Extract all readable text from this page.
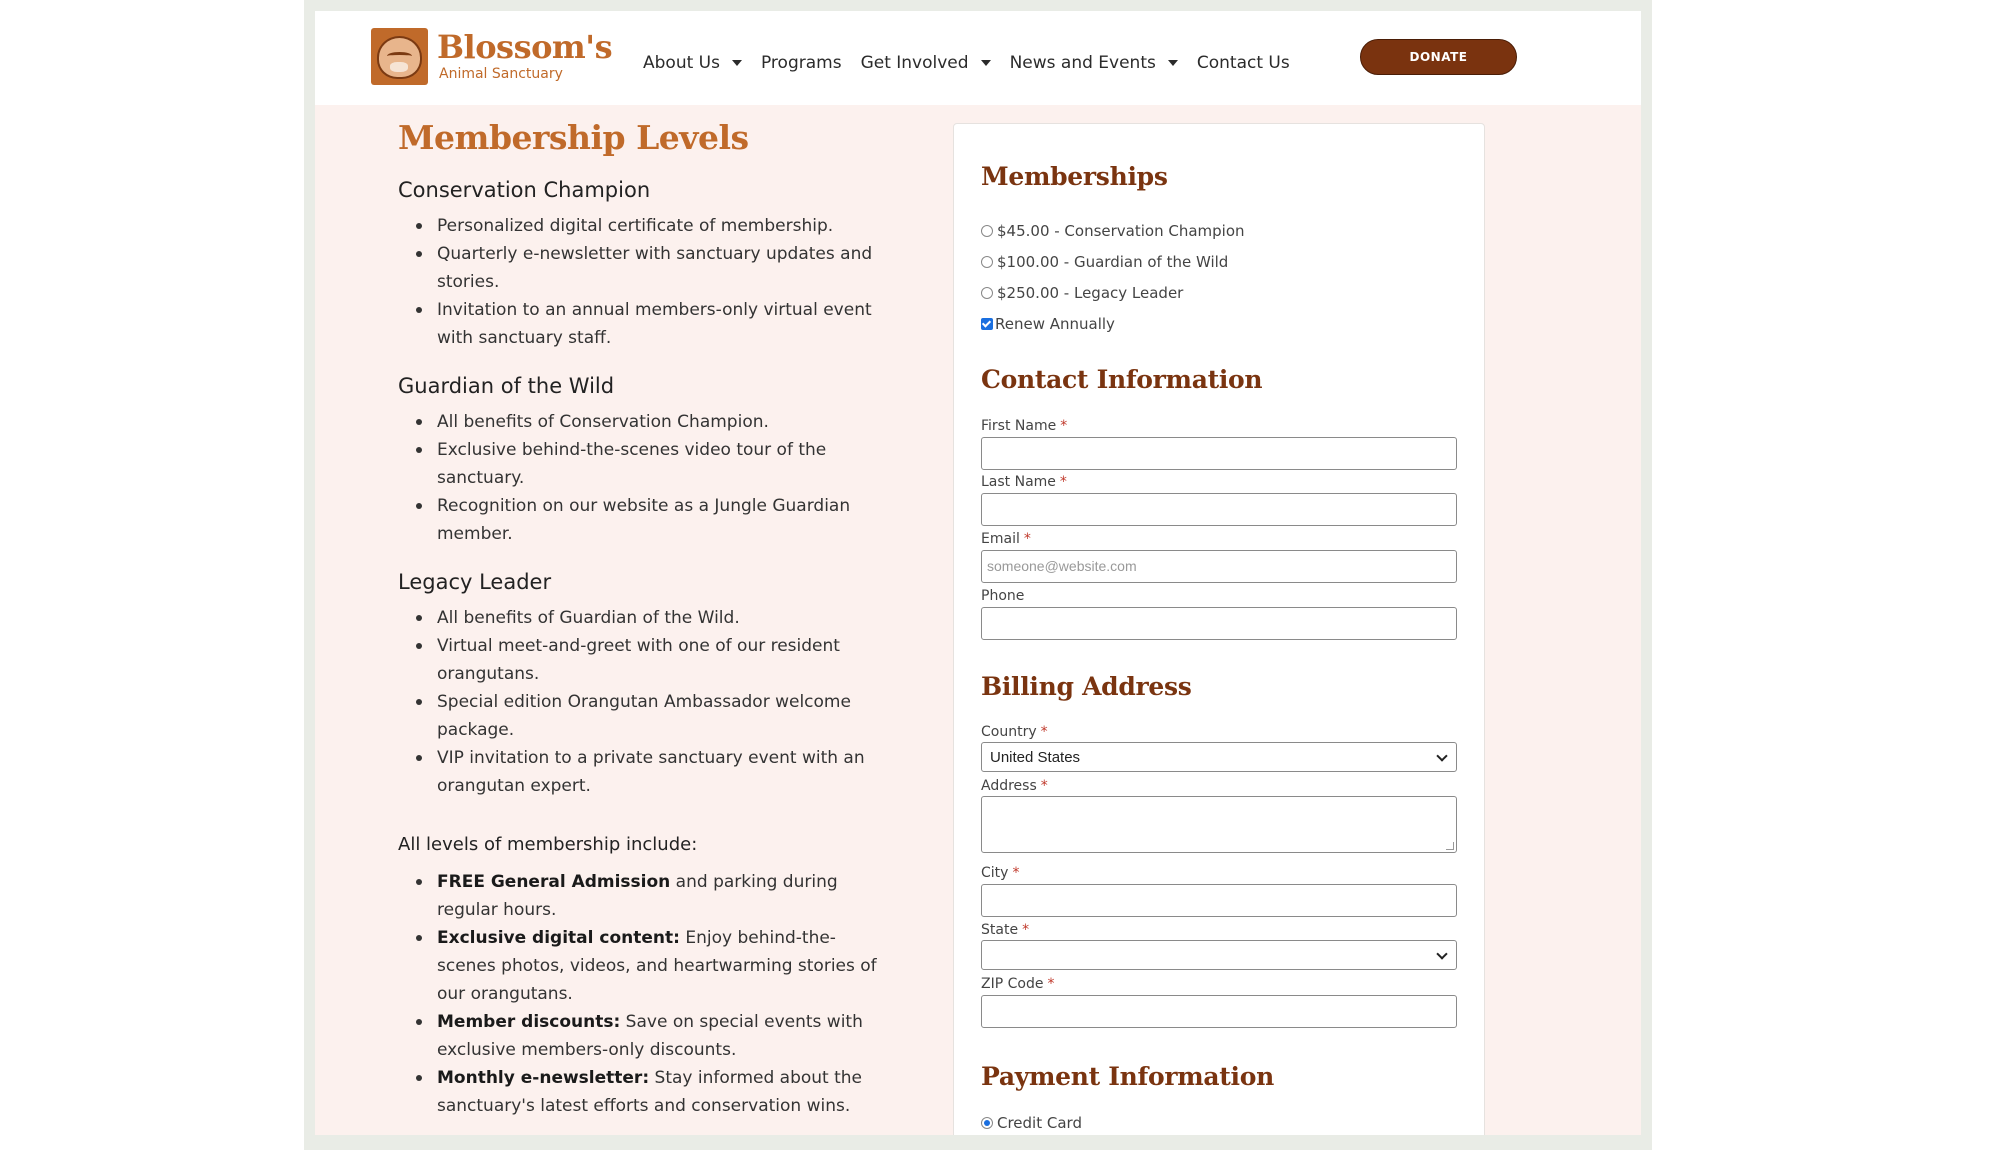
Blossom's
Animal Sanctuary
About Us Programs Get Involved News and Events Contact Us	DONATE
Membership Levels
Conservation Champion
Personalized digital certificate of membership.
Quarterly e-newsletter with sanctuary updates and stories.
Invitation to an annual members-only virtual event with sanctuary staff.
Guardian of the Wild
All benefits of Conservation Champion.
Exclusive behind-the-scenes video tour of the sanctuary.
Recognition on our website as a Jungle Guardian member.
Legacy Leader
All benefits of Guardian of the Wild.
Virtual meet-and-greet with one of our resident orangutans.
Special edition Orangutan Ambassador welcome package.
VIP invitation to a private sanctuary event with an orangutan expert.
All levels of membership include:
FREE General Admission and parking during regular hours.
Exclusive digital content: Enjoy behind-the-scenes photos, videos, and heartwarming stories of our orangutans.
Member discounts: Save on special events with exclusive members-only discounts.
Monthly e-newsletter: Stay informed about the sanctuary's latest efforts and conservation wins.
Memberships
$45.00 - Conservation Champion
$100.00 - Guardian of the Wild
$250.00 - Legacy Leader
Renew Annually
Contact Information
First Name *
Last Name *
Email *
someone@website.com
Phone
Billing Address
Country *
United States
Address *
City *
State *
ZIP Code *
Payment Information
Credit Card
